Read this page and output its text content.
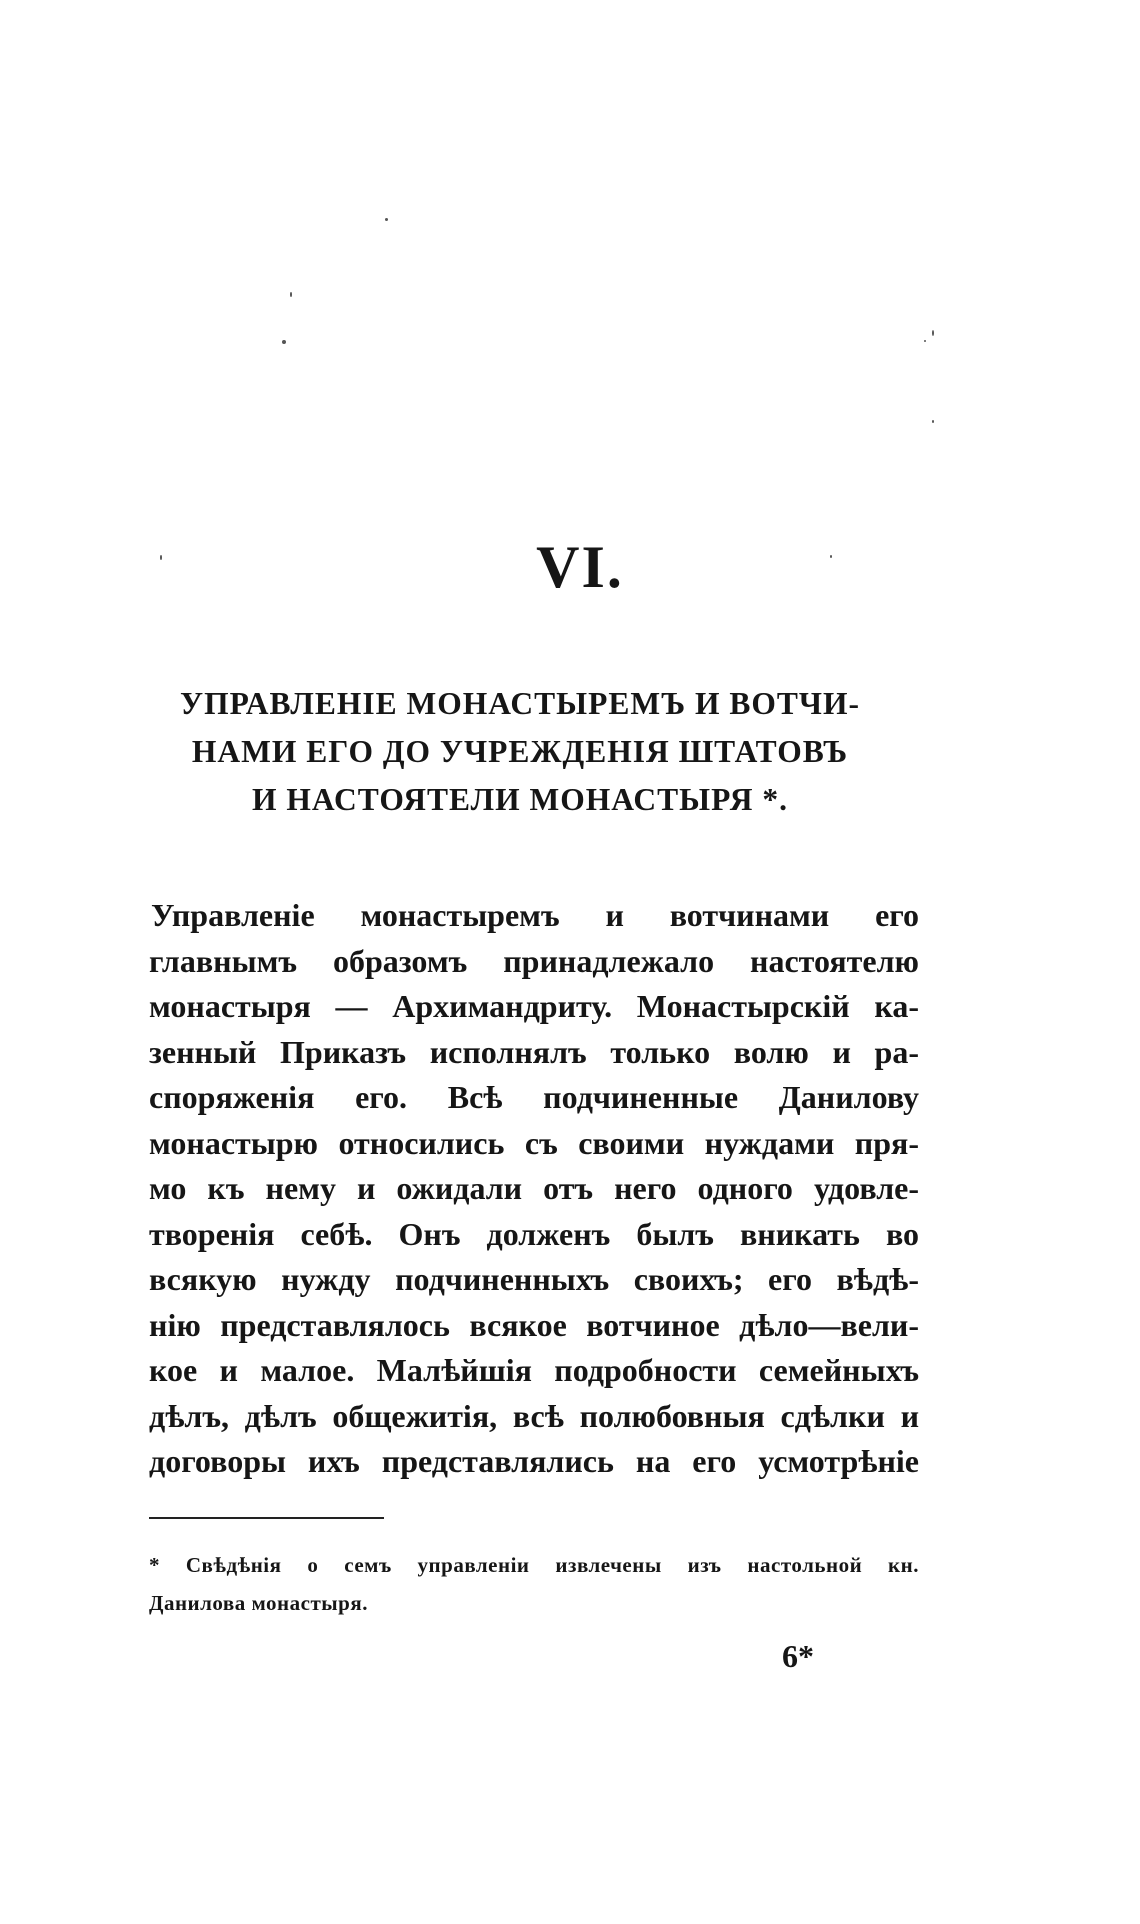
VI.
УПРАВЛЕНІЕ МОНАСТЫРЕМЪ И ВОТЧИ-
НАМИ ЕГО ДО УЧРЕЖДЕНІЯ ШТАТОВЪ
И НАСТОЯТЕЛИ МОНАСТЫРЯ *.
Управленіе монастыремъ и вотчинами его
главнымъ образомъ принадлежало настоятелю
монастыря — Архимандриту. Монастырскій ка-
зенный Приказъ исполнялъ только волю и ра-
споряженія его. Всѣ подчиненные Данилову
монастырю относились съ своими нуждами пря-
мо къ нему и ожидали отъ него одного удовле-
творенія себѣ. Онъ долженъ былъ вникать во
всякую нужду подчиненныхъ своихъ; его вѣдѣ-
нію представлялось всякое вотчиное дѣло—вели-
кое и малое. Малѣйшія подробности семейныхъ
дѣлъ, дѣлъ общежитія, всѣ полюбовныя сдѣлки и
договоры ихъ представлялись на его усмотрѣніе
* Свѣдѣнія о семъ управленіи извлечены изъ настольной кн.
Данилова монастыря.
6*
